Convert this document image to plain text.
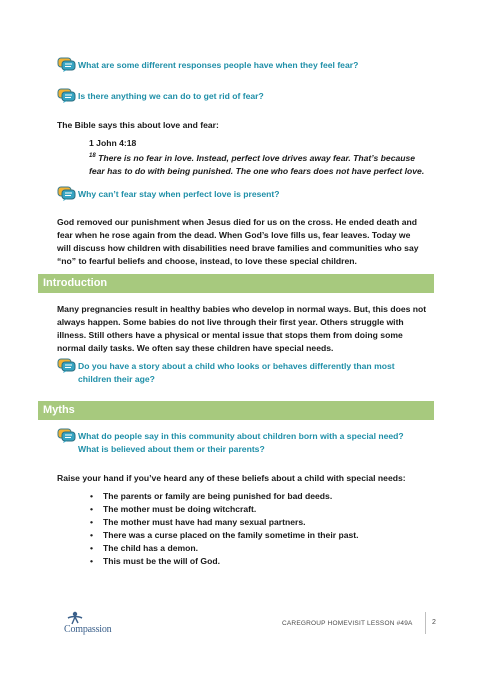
What are some different responses people have when they feel fear?
Is there anything we can do to get rid of fear?
The Bible says this about love and fear:
1 John 4:18
$^{18}$ There is no fear in love. Instead, perfect love drives away fear. That’s because
fear has to do with being punished. The one who fears does not have perfect love.
Why can’t fear stay when perfect love is present?
God removed our punishment when Jesus died for us on the cross. He ended death and
fear when he rose again from the dead. When God’s love fills us, fear leaves. Today we
will discuss how children with disabilities need brave families and communities who say
“no” to fearful beliefs and choose, instead, to love these special children.
Introduction
Many pregnancies result in healthy babies who develop in normal ways. But, this does not
always happen. Some babies do not live through their first year. Others struggle with
illness. Still others have a physical or mental issue that stops them from doing some
normal daily tasks. We often say these children have special needs.
Do you have a story about a child who looks or behaves differently than most
children their age?
Myths
What do people say in this community about children born with a special need?
What is believed about them or their parents?
Raise your hand if you’ve heard any of these beliefs about a child with special needs:
• The parents or family are being punished for bad deeds.
• The mother must be doing witchcraft.
• The mother must have had many sexual partners.
• There was a curse placed on the family sometime in their past.
• The child has a demon.
• This must be the will of God.
Compassion
CAREGROUP HOMEVISIT LESSON #49A	2
